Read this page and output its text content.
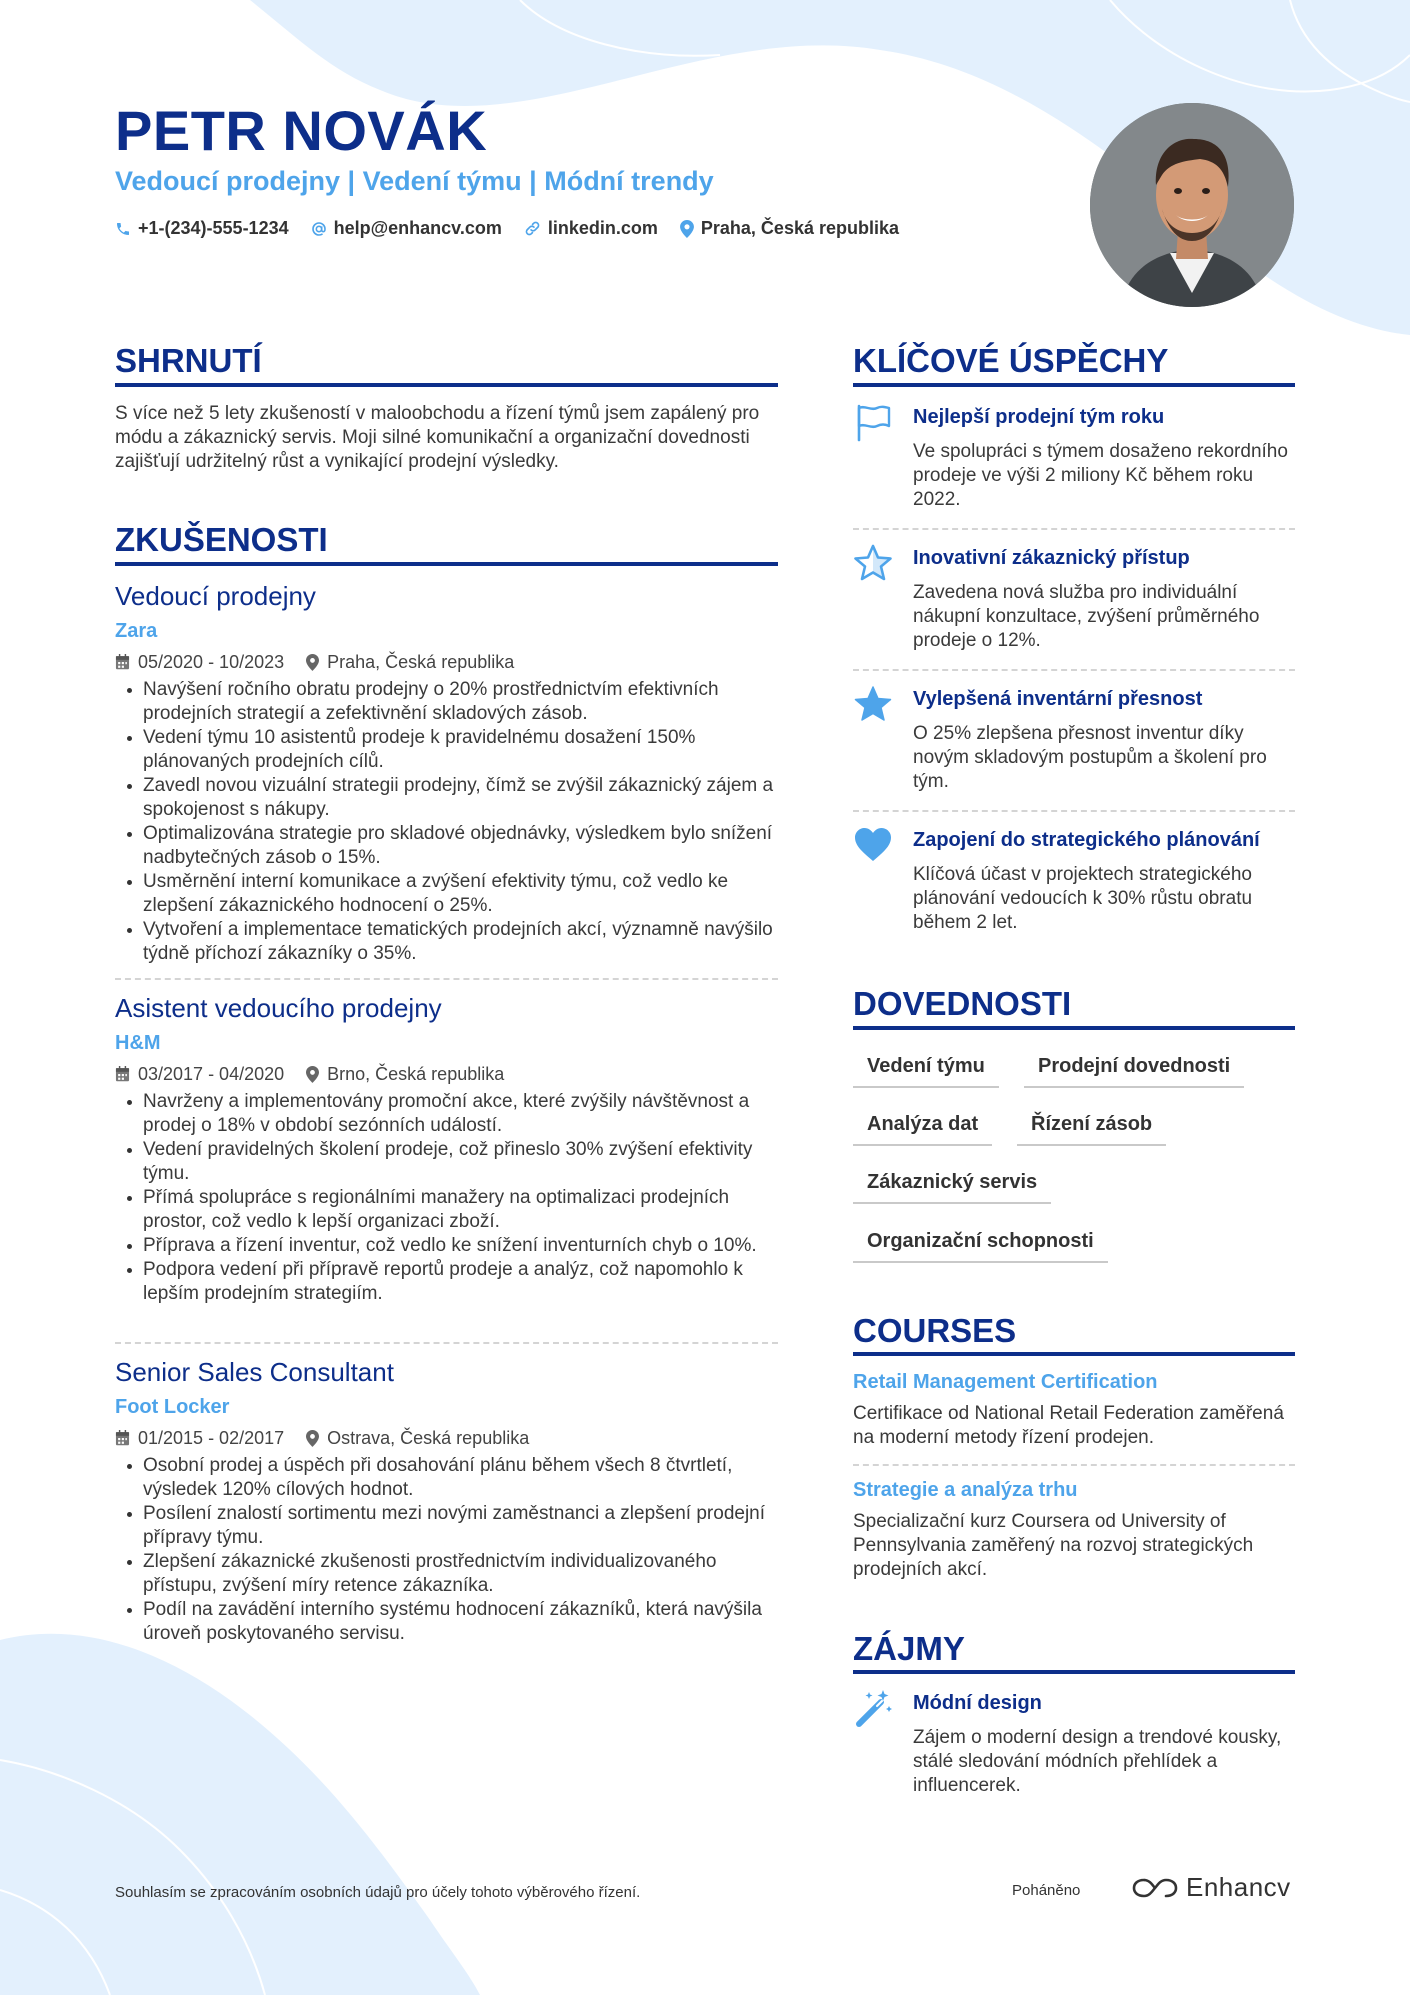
PETR NOVÁK
Vedoucí prodejny | Vedení týmu | Módní trendy
+1-(234)-555-1234	help@enhancv.com	linkedin.com Praha, Česká republika
SHRNUTÍ
S více než 5 lety zkušeností v maloobchodu a řízení týmů jsem zapálený pro módu a zákaznický servis. Moji silné komunikační a organizační dovednosti zajišťují udržitelný růst a vynikající prodejní výsledky.
ZKUŠENOSTI
Vedoucí prodejny
Zara
05/2020 - 10/2023 Praha, Česká republika
Navýšení ročního obratu prodejny o 20% prostřednictvím efektivních prodejních strategií a zefektivnění skladových zásob.
Vedení týmu 10 asistentů prodeje k pravidelnému dosažení 150% plánovaných prodejních cílů.
Zavedl novou vizuální strategii prodejny, čímž se zvýšil zákaznický zájem a spokojenost s nákupy.
Optimalizována strategie pro skladové objednávky, výsledkem bylo snížení nadbytečných zásob o 15%.
Usměrnění interní komunikace a zvýšení efektivity týmu, což vedlo ke zlepšení zákaznického hodnocení o 25%.
Vytvoření a implementace tematických prodejních akcí, významně navýšilo týdně příchozí zákazníky o 35%.
Asistent vedoucího prodejny
H&M
03/2017 - 04/2020 Brno, Česká republika
Navrženy a implementovány promoční akce, které zvýšily návštěvnost a prodej o 18% v období sezónních událostí.
Vedení pravidelných školení prodeje, což přineslo 30% zvýšení efektivity týmu.
Přímá spolupráce s regionálními manažery na optimalizaci prodejních prostor, což vedlo k lepší organizaci zboží.
Příprava a řízení inventur, což vedlo ke snížení inventurních chyb o 10%.
Podpora vedení při přípravě reportů prodeje a analýz, což napomohlo k lepším prodejním strategiím.
Senior Sales Consultant
Foot Locker
01/2015 - 02/2017 Ostrava, Česká republika
Osobní prodej a úspěch při dosahování plánu během všech 8 čtvrtletí, výsledek 120% cílových hodnot.
Posílení znalostí sortimentu mezi novými zaměstnanci a zlepšení prodejní přípravy týmu.
Zlepšení zákaznické zkušenosti prostřednictvím individualizovaného přístupu, zvýšení míry retence zákazníka.
Podíl na zavádění interního systému hodnocení zákazníků, která navýšila úroveň poskytovaného servisu.
KLÍČOVÉ ÚSPĚCHY
Nejlepší prodejní tým roku
Ve spolupráci s týmem dosaženo rekordního prodeje ve výši 2 miliony Kč během roku 2022.
Inovativní zákaznický přístup
Zavedena nová služba pro individuální nákupní konzultace, zvýšení průměrného prodeje o 12%.
Vylepšená inventární přesnost
O 25% zlepšena přesnost inventur díky novým skladovým postupům a školení pro tým.
Zapojení do strategického plánování
Klíčová účast v projektech strategického plánování vedoucích k 30% růstu obratu během 2 let.
DOVEDNOSTI
Vedení týmu	Prodejní dovednosti
Analýza dat	Řízení zásob
Zákaznický servis
Organizační schopnosti
COURSES
Retail Management Certification
Certifikace od National Retail Federation zaměřená na moderní metody řízení prodejen.
Strategie a analýza trhu
Specializační kurz Coursera od University of Pennsylvania zaměřený na rozvoj strategických prodejních akcí.
ZÁJMY
Módní design
Zájem o moderní design a trendové kousky, stálé sledování módních přehlídek a influencerek.
Souhlasím se zpracováním osobních údajů pro účely tohoto výběrového řízení.	Poháněno	Enhancv
